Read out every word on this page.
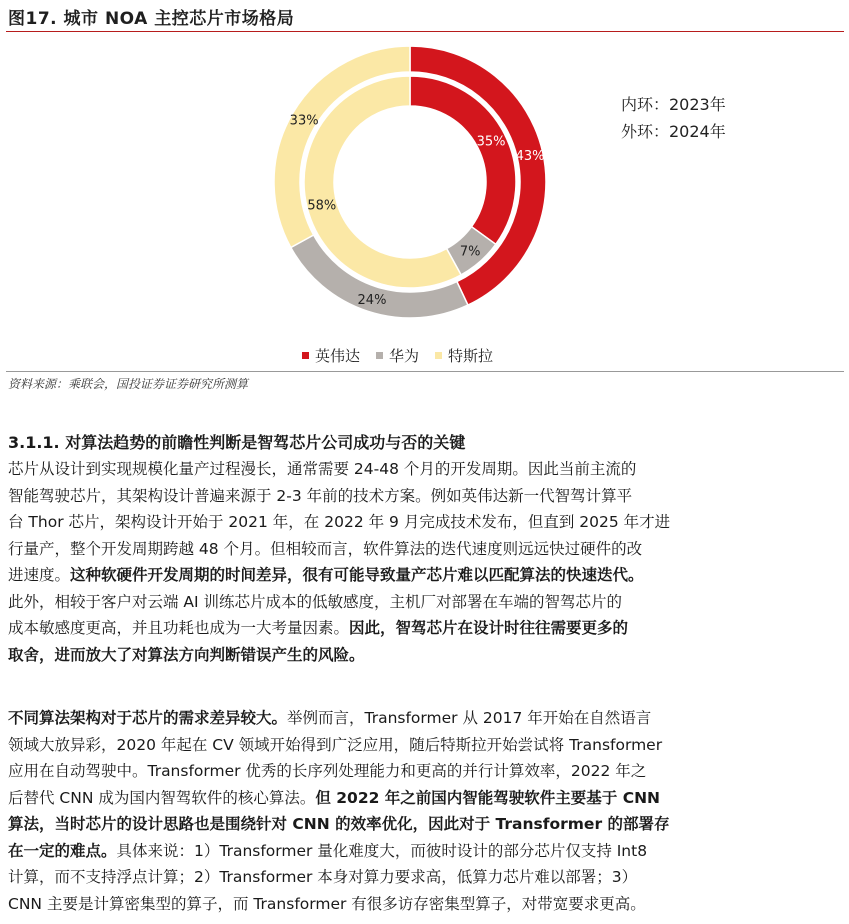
图17. 城市 NOA 主控芯片市场格局
43%
24%
33%
35%
7%
58%
内环：2023年
外环：2024年
英伟达 华为 特斯拉
资料来源：乘联会，国投证券证券研究所测算
3.1.1. 对算法趋势的前瞻性判断是智驾芯片公司成功与否的关键
芯片从设计到实现规模化量产过程漫长，通常需要 24-48 个月的开发周期。因此当前主流的
智能驾驶芯片，其架构设计普遍来源于 2-3 年前的技术方案。例如英伟达新一代智驾计算平
台 Thor 芯片，架构设计开始于 2021 年，在 2022 年 9 月完成技术发布，但直到 2025 年才进
行量产，整个开发周期跨越 48 个月。但相较而言，软件算法的迭代速度则远远快过硬件的改
进速度。这种软硬件开发周期的时间差异，很有可能导致量产芯片难以匹配算法的快速迭代。
此外，相较于客户对云端 AI 训练芯片成本的低敏感度，主机厂对部署在车端的智驾芯片的
成本敏感度更高，并且功耗也成为一大考量因素。因此，智驾芯片在设计时往往需要更多的
取舍，进而放大了对算法方向判断错误产生的风险。
不同算法架构对于芯片的需求差异较大。举例而言，Transformer 从 2017 年开始在自然语言
领域大放异彩，2020 年起在 CV 领域开始得到广泛应用，随后特斯拉开始尝试将 Transformer
应用在自动驾驶中。Transformer 优秀的长序列处理能力和更高的并行计算效率，2022 年之
后替代 CNN 成为国内智驾软件的核心算法。但 2022 年之前国内智能驾驶软件主要基于 CNN
算法，当时芯片的设计思路也是围绕针对 CNN 的效率优化，因此对于 Transformer 的部署存
在一定的难点。具体来说：1）Transformer 量化难度大，而彼时设计的部分芯片仅支持 Int8
计算，而不支持浮点计算；2）Transformer 本身对算力要求高，低算力芯片难以部署；3）
CNN 主要是计算密集型的算子，而 Transformer 有很多访存密集型算子，对带宽要求更高。
